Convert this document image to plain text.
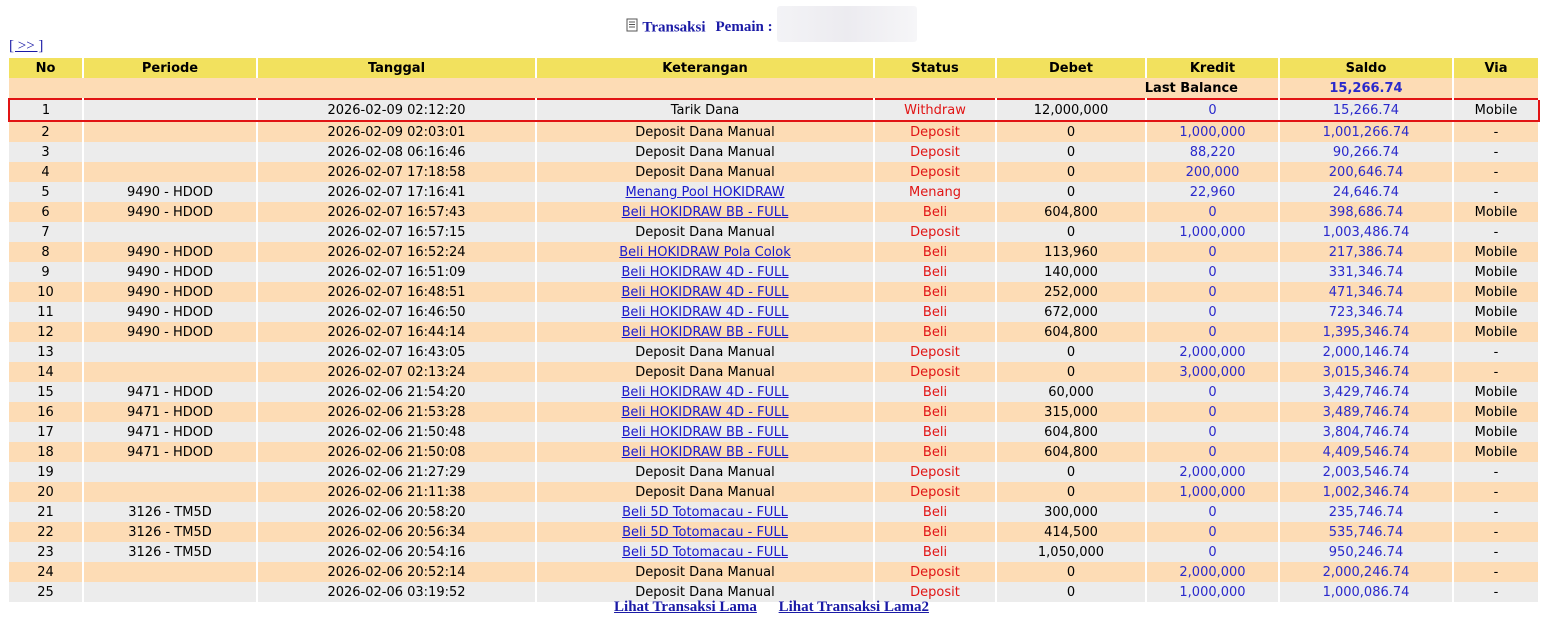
Transaksi Pemain :
[ >> ]
No	Periode	Tanggal	Keterangan	Status	Debet	Kredit	Saldo	Via
Last Balance							15,266.74	
1		2026-02-09 02:12:20	Tarik Dana	Withdraw	12,000,000	0	15,266.74	Mobile
2		2026-02-09 02:03:01	Deposit Dana Manual	Deposit	0	1,000,000	1,001,266.74	-
3		2026-02-08 06:16:46	Deposit Dana Manual	Deposit	0	88,220	90,266.74	-
4		2026-02-07 17:18:58	Deposit Dana Manual	Deposit	0	200,000	200,646.74	-
5	9490 - HDOD	2026-02-07 17:16:41	Menang Pool HOKIDRAW	Menang	0	22,960	24,646.74	-
6	9490 - HDOD	2026-02-07 16:57:43	Beli HOKIDRAW BB - FULL	Beli	604,800	0	398,686.74	Mobile
7		2026-02-07 16:57:15	Deposit Dana Manual	Deposit	0	1,000,000	1,003,486.74	-
8	9490 - HDOD	2026-02-07 16:52:24	Beli HOKIDRAW Pola Colok	Beli	113,960	0	217,386.74	Mobile
9	9490 - HDOD	2026-02-07 16:51:09	Beli HOKIDRAW 4D - FULL	Beli	140,000	0	331,346.74	Mobile
10	9490 - HDOD	2026-02-07 16:48:51	Beli HOKIDRAW 4D - FULL	Beli	252,000	0	471,346.74	Mobile
11	9490 - HDOD	2026-02-07 16:46:50	Beli HOKIDRAW 4D - FULL	Beli	672,000	0	723,346.74	Mobile
12	9490 - HDOD	2026-02-07 16:44:14	Beli HOKIDRAW BB - FULL	Beli	604,800	0	1,395,346.74	Mobile
13		2026-02-07 16:43:05	Deposit Dana Manual	Deposit	0	2,000,000	2,000,146.74	-
14		2026-02-07 02:13:24	Deposit Dana Manual	Deposit	0	3,000,000	3,015,346.74	-
15	9471 - HDOD	2026-02-06 21:54:20	Beli HOKIDRAW 4D - FULL	Beli	60,000	0	3,429,746.74	Mobile
16	9471 - HDOD	2026-02-06 21:53:28	Beli HOKIDRAW 4D - FULL	Beli	315,000	0	3,489,746.74	Mobile
17	9471 - HDOD	2026-02-06 21:50:48	Beli HOKIDRAW BB - FULL	Beli	604,800	0	3,804,746.74	Mobile
18	9471 - HDOD	2026-02-06 21:50:08	Beli HOKIDRAW BB - FULL	Beli	604,800	0	4,409,546.74	Mobile
19		2026-02-06 21:27:29	Deposit Dana Manual	Deposit	0	2,000,000	2,003,546.74	-
20		2026-02-06 21:11:38	Deposit Dana Manual	Deposit	0	1,000,000	1,002,346.74	-
21	3126 - TM5D	2026-02-06 20:58:20	Beli 5D Totomacau - FULL	Beli	300,000	0	235,746.74	-
22	3126 - TM5D	2026-02-06 20:56:34	Beli 5D Totomacau - FULL	Beli	414,500	0	535,746.74	-
23	3126 - TM5D	2026-02-06 20:54:16	Beli 5D Totomacau - FULL	Beli	1,050,000	0	950,246.74	-
24		2026-02-06 20:52:14	Deposit Dana Manual	Deposit	0	2,000,000	2,000,246.74	-
25		2026-02-06 03:19:52	Deposit Dana Manual	Deposit	0	1,000,000	1,000,086.74	-
Lihat Transaksi Lama Lihat Transaksi Lama2
